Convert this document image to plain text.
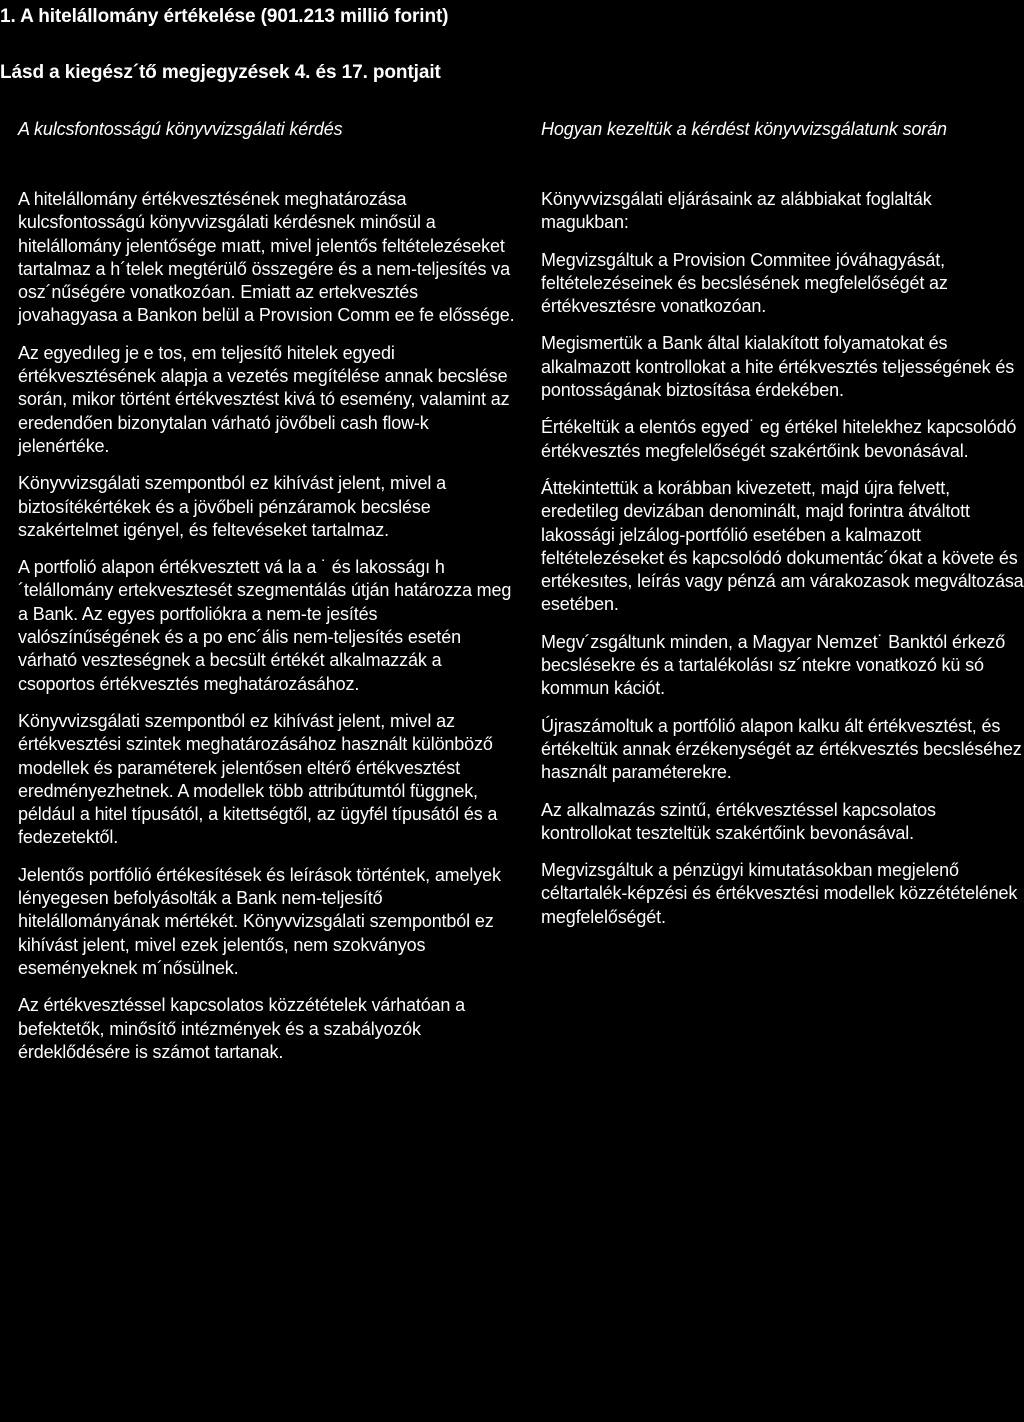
1. A hitelállomány értékelése (901.213 millió forint)
Lásd a kiegész´tő megjegyzések 4. és 17. pontjait

A kulcsfontosságú könyvvizsgálati kérdés

A hitelállomány értékvesztésének meghatározása kulcsfontosságú könyvvizsgálati kérdésnek minősül a hitelállomány jelentősége mıatt, mivel jelentős feltételezéseket tartalmaz a h´telek megtérülő összegére és a nem-teljesítés va osz´nűségére vonatkozóan. Emiatt az ertekvesztés jovahagyasa a Bankon belül a Provısion Comm ee fe előssége.

Az egyedıleg je e tos, em teljesítő hitelek egyedi értékvesztésének alapja a vezetés megítélése annak becslése során, mikor történt értékvesztést kivá tó esemény, valamint az eredendően bizonytalan várható jövőbeli cash flow-k jelenértéke.

Könyvvizsgálati szempontból ez kihívást jelent, mivel a biztosítékértékek és a jövőbeli pénzáramok becslése szakértelmet igényel, és feltevéseket tartalmaz.

A portfolió alapon értékvesztett vá la a ˙ és lakosságı h´telállomány ertekvesztesét szegmentálás útján határozza meg a Bank. Az egyes portfoliókra a nem-te jesítés valószínűségének és a po enc´ális nem-teljesítés esetén várható veszteségnek a becsült értékét alkalmazzák a csoportos értékvesztés meghatározásához.

Könyvvizsgálati szempontból ez kihívást jelent, mivel az értékvesztési szintek meghatározásához használt különböző modellek és paraméterek jelentősen eltérő értékvesztést eredményezhetnek. A modellek több attribútumtól függnek, például a hitel típusától, a kitettségtől, az ügyfél típusától és a fedezetektől.

Jelentős portfólió értékesítések és leírások történtek, amelyek lényegesen befolyásolták a Bank nem-teljesítő hitelállományának mértékét. Könyvvizsgálati szempontból ez kihívást jelent, mivel ezek jelentős, nem szokványos eseményeknek m´nősülnek.

Az értékvesztéssel kapcsolatos közzétételek várhatóan a befektetők, minősítő intézmények és a szabályozók érdeklődésére is számot tartanak.

Hogyan kezeltük a kérdést könyvvizsgálatunk során

Könyvvizsgálati eljárásaink az alábbiakat foglalták magukban:

Megvizsgáltuk a Provision Commitee jóváhagyását, feltételezéseinek és becslésének megfelelőségét az értékvesztésre vonatkozóan.

Megismertük a Bank által kialakított folyamatokat és alkalmazott kontrollokat a hite értékvesztés teljességének és pontosságának biztosítása érdekében.

Értékeltük a elentós egyed˙ eg értékel hitelekhez kapcsolódó értékvesztés megfelelőségét szakértőink bevonásával.

Áttekintettük a korábban kivezetett, majd újra felvett, eredetileg devizában denominált, majd forintra átváltott lakossági jelzálog-portfólió esetében a kalmazott feltételezéseket és kapcsolódó dokumentác´ókat a követe és ertékesıtes, leírás vagy pénzá am várakozasok megváltozása esetében.

Megv´zsgáltunk minden, a Magyar Nemzet˙ Banktól érkező becslésekre és a tartalékolásı sz´ntekre vonatkozó kü só kommun kációt.

Újraszámoltuk a portfólió alapon kalku ált értékvesztést, és értékeltük annak érzékenységét az értékvesztés becsléséhez használt paraméterekre.

Az alkalmazás szintű, értékvesztéssel kapcsolatos kontrollokat teszteltük szakértőink bevonásával.

Megvizsgáltuk a pénzügyi kimutatásokban megjelenő céltartalék-képzési és értékvesztési modellek közzétételének megfelelőségét.
